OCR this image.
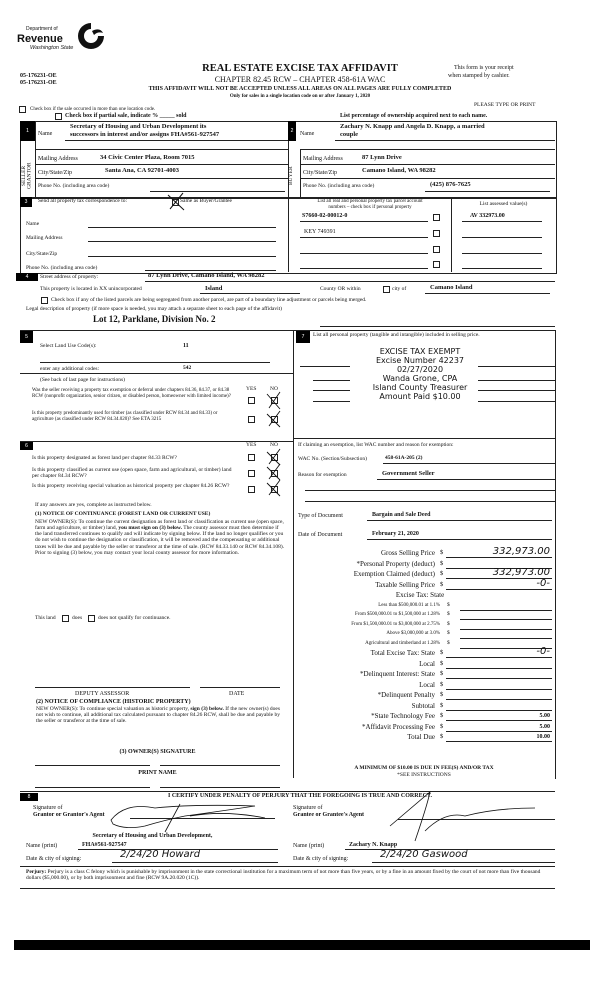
Department of
Revenue
Washington State
05-176231-OE
05-176231-OE
REAL ESTATE EXCISE TAX AFFIDAVIT
CHAPTER 82.45 RCW – CHAPTER 458-61A WAC
THIS AFFIDAVIT WILL NOT BE ACCEPTED UNLESS ALL AREAS ON ALL PAGES ARE FULLY COMPLETED
Only for sales in a single location code on or after January 1, 2020
This form is your receipt
when stamped by cashier.
PLEASE TYPE OR PRINT
Check box if the sale occurred in more than one location code.
Check box if partial sale, indicate % _____ sold	List percentage of ownership acquired next to each name.
1
SELLER GRANTOR
Name
Secretary of Housing and Urban Development its
successors in interest and/or assigns FHA#561-927547
Mailing Address	34 Civic Center Plaza, Room 7015
City/State/Zip	Santa Ana, CA 92701-4003
Phone No. (including area code)
2
BUYER
Name
Zachary N. Knapp and Angela D. Knapp, a married
couple
Mailing Address	87 Lynn Drive
City/State/Zip	Camano Island, WA 98282
Phone No. (including area code)	(425) 876-7625
3 Send all property tax correspondence to:	Same as Buyer/Grantee
Name
Mailing Address
City/State/Zip
Phone No. (including area code)
List all real and personal property tax parcel account
numbers – check box if personal property
List assessed value(s)
S7660-02-00012-0	AV 332973.00
KEY 749391
4 Street address of property:	87 Lynn Drive, Camano Island, WA 98282
This property is located in XX unincorporated	Island	County OR within	city of	Camano Island
Check box if any of the listed parcels are being segregated from another parcel, are part of a boundary line adjustment or parcels being merged.
Legal description of property (if more space is needed, you may attach a separate sheet to each page of the affidavit)
Lot 12, Parklane, Division No. 2
5
Select Land Use Code(s):	11
enter any additional codes:	542
(See back of last page for instructions)
YES NO
Was the seller receiving a property tax exemption or deferral under chapters 84.36, 84.37, or 84.38 RCW (nonprofit organization, senior citizen, or disabled person, homeowner with limited income)?
Is this property predominantly used for timber (as classified under RCW 84.34 and 84.33) or agriculture (as classified under RCW 84.34.020)? See ETA 3215
6	YES NO
Is this property designated as forest land per chapter 84.33 RCW?
Is this property classified as current use (open space, farm and agricultural, or timber) land per chapter 84.34 RCW?
Is this property receiving special valuation as historical property per chapter 84.26 RCW?
If any answers are yes, complete as instructed below.
(1) NOTICE OF CONTINUANCE (FOREST LAND OR CURRENT USE)
NEW OWNER(S): To continue the current designation as forest land or classification as current use (open space, farm and agriculture, or timber) land, you must sign on (3) below. The county assessor must then determine if the land transferred continues to qualify and will indicate by signing below. If the land no longer qualifies or you do not wish to continue the designation or classification, it will be removed and the compensating or additional taxes will be due and payable by the seller or transferor at the time of sale. (RCW 84.33.140 or RCW 84.34.108). Prior to signing (3) below, you may contact your local county assessor for more information.
This land	does	does not qualify for continuance.
DEPUTY ASSESSOR	DATE
(2) NOTICE OF COMPLIANCE (HISTORIC PROPERTY)
NEW OWNER(S): To continue special valuation as historic property, sign (3) below. If the new owner(s) does not wish to continue, all additional tax calculated pursuant to chapter 84.26 RCW, shall be due and payable by the seller or transferor at the time of sale.
(3) OWNER(S) SIGNATURE
PRINT NAME
7 List all personal property (tangible and intangible) included in selling price.
EXCISE TAX EXEMPT
Excise Number 42237
02/27/2020
Wanda Grone, CPA
Island County Treasurer
Amount Paid $10.00
If claiming an exemption, list WAC number and reason for exemption:
WAC No. (Section/Subsection)	458-61A-205 (2)
Reason for exemption	Government Seller
Type of Document	Bargain and Sale Deed
Date of Document	February 21, 2020
Gross Selling Price $	332,973.00
*Personal Property (deduct) $
Exemption Claimed (deduct) $	332,973.00
Taxable Selling Price $	-0-
Excise Tax: State
Less than $500,000.01 at 1.1% $
From $500,000.01 to $1,500,000 at 1.28% $
From $1,500,000.01 to $3,000,000 at 2.75% $
Above $3,000,000 at 3.0% $
Agricultural and timberland at 1.28% $
Total Excise Tax: State $	-0-
Local $
*Delinquent Interest: State $
Local $
*Delinquent Penalty $
Subtotal $
*State Technology Fee $	5.00
*Affidavit Processing Fee $	5.00
Total Due $	10.00
A MINIMUM OF $10.00 IS DUE IN FEE(S) AND/OR TAX
*SEE INSTRUCTIONS
8	I CERTIFY UNDER PENALTY OF PERJURY THAT THE FOREGOING IS TRUE AND CORRECT.
Signature of
Grantor or Grantor's Agent
Secretary of Housing and Urban Development,
Name (print)	FHA#561-927547
Date & city of signing:	2/24/20 Howard
Signature of
Grantee or Grantee's Agent
Name (print)	Zachary N. Knapp
Date & city of signing:	2/24/20 Gaswood
Perjury: Perjury is a class C felony which is punishable by imprisonment in the state correctional institution for a maximum term of not more than five years, or by a fine in an amount fixed by the court of not more than five thousand dollars ($5,000.00), or by both imprisonment and fine (RCW 9A.20.020 (1C)).
